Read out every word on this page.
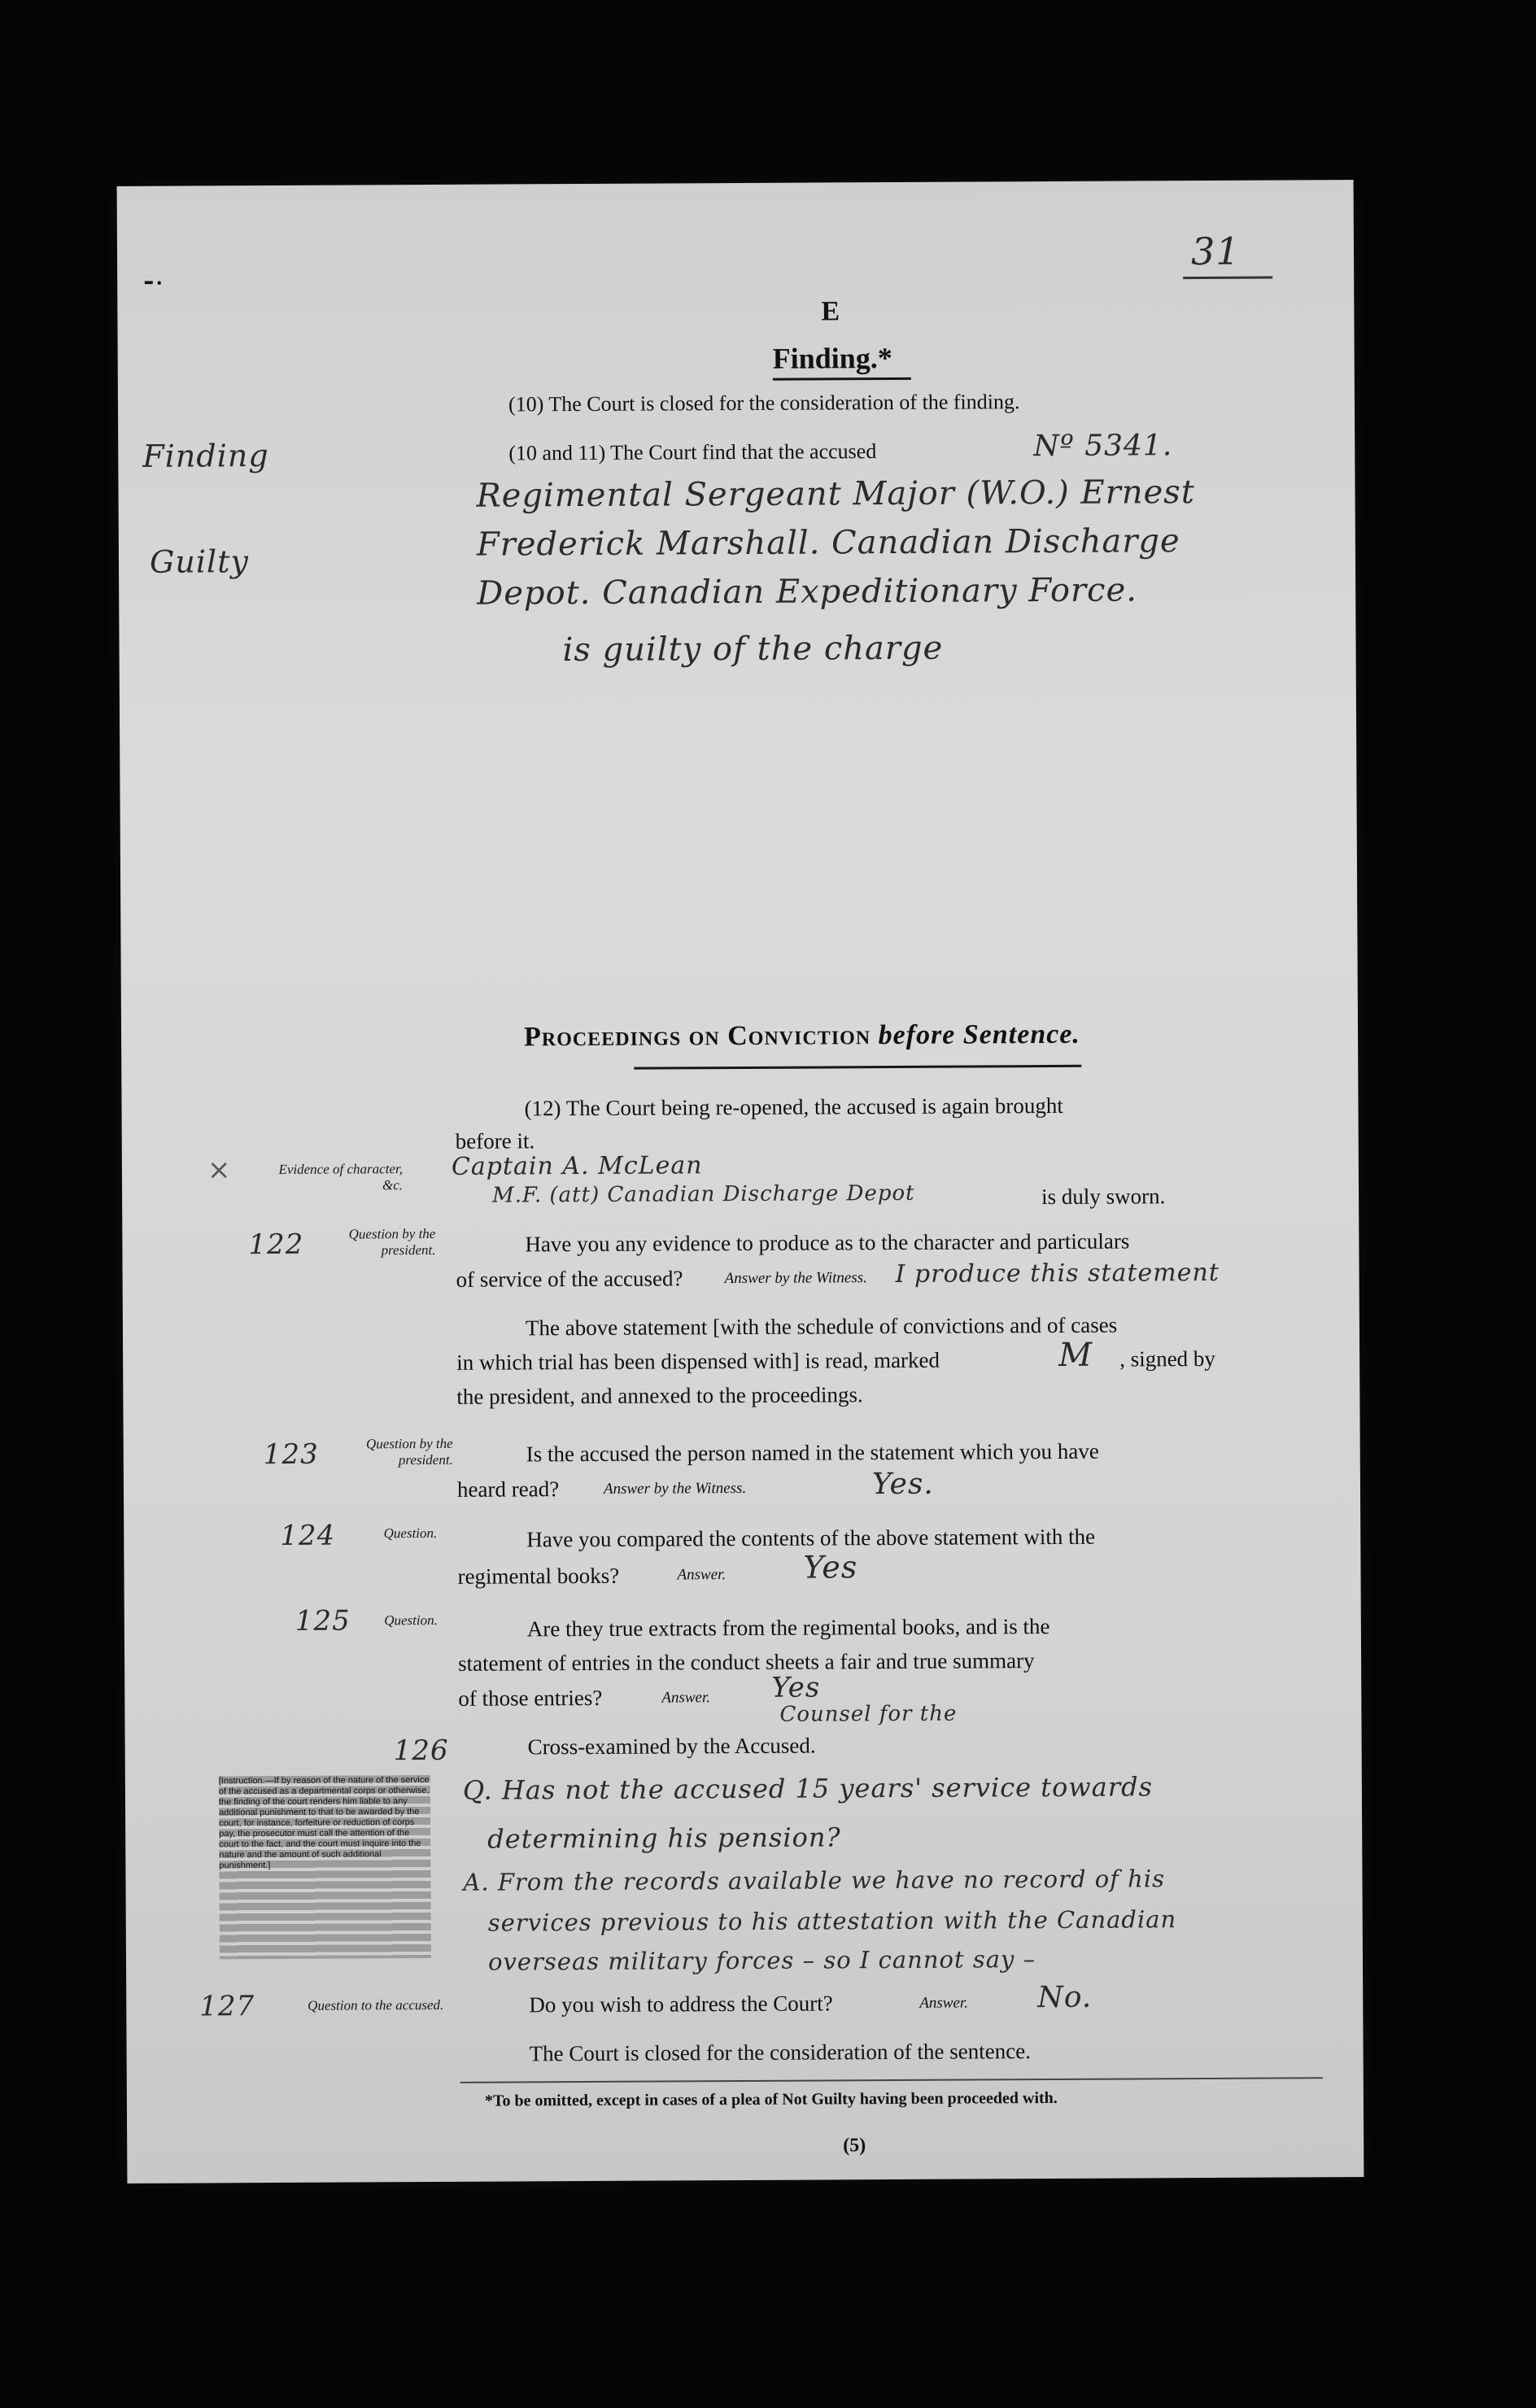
31
⁃⸱
E
Finding.*
(10) The Court is closed for the consideration of the finding.
(10 and 11) The Court find that the accused	Nº 5341.
Regimental Sergeant Major (W.O.) Ernest
Frederick Marshall. Canadian Discharge
Depot. Canadian Expeditionary Force.
is guilty of the charge
Finding
Guilty
Proceedings on Conviction before Sentence.
(12) The Court being re-opened, the accused is again brought
before it.
Evidence of character, &c.
×	Captain A. McLean
M.F. (att) Canadian Discharge Depot	is duly sworn.
122	Question by the president.	Have you any evidence to produce as to the character and particulars
of service of the accused?	Answer by the Witness. I produce this statement
The above statement [with the schedule of convictions and of cases
in which trial has been dispensed with] is read, marked	M , signed by
the president, and annexed to the proceedings.
123	Question by the president.	Is the accused the person named in the statement which you have
heard read?	Answer by the Witness.	Yes.
124	Question.	Have you compared the contents of the above statement with the
regimental books?	Answer.	Yes
125	Question.	Are they true extracts from the regimental books, and is the
statement of entries in the conduct sheets a fair and true summary
of those entries?	Answer. Yes
Counsel for the
Cross-examined by the Accused.
126
[Instruction.—If by reason of the nature of the service of the accused as a departmental corps or otherwise, the finding of the court renders him liable to any additional punishment to that to be awarded by the court, for instance, forfeiture or reduction of corps pay, the prosecutor must call the attention of the court to the fact, and the court must inquire into the nature and the amount of such additional punishment.]
Q. Has not the accused 15 years' service towards
determining his pension?
A. From the records available we have no record of his
services previous to his attestation with the Canadian
overseas military forces – so I cannot say –
127	Question to the accused.	Do you wish to address the Court?	Answer. No.
The Court is closed for the consideration of the sentence.
*To be omitted, except in cases of a plea of Not Guilty having been proceeded with.
(5)
